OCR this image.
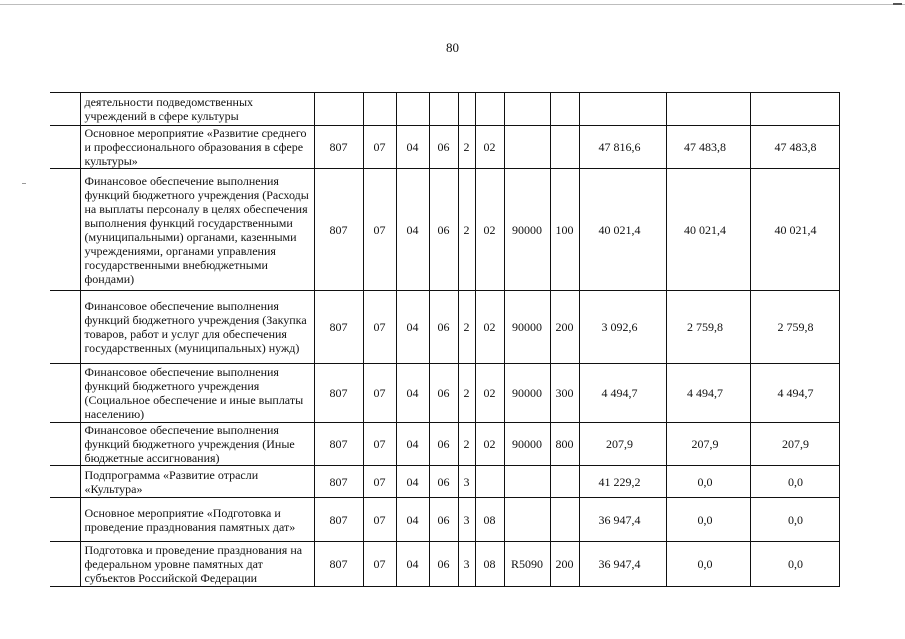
80
	деятельности подведомственных учреждений в сфере культуры											
	Основное мероприятие «Развитие среднего и профессионального образования в сфере культуры»	807	07	04	06	2	02			47 816,6	47 483,8	47 483,8
	Финансовое обеспечение выполнения функций бюджетного учреждения (Расходы на выплаты персоналу в целях обеспечения выполнения функций государственными (муниципальными) органами, казенными учреждениями, органами управления государственными внебюджетными фондами)	807	07	04	06	2	02	90000	100	40 021,4	40 021,4	40 021,4
	Финансовое обеспечение выполнения функций бюджетного учреждения (Закупка товаров, работ и услуг для обеспечения государственных (муниципальных) нужд)	807	07	04	06	2	02	90000	200	3 092,6	2 759,8	2 759,8
	Финансовое обеспечение выполнения функций бюджетного учреждения (Социальное обеспечение и иные выплаты населению)	807	07	04	06	2	02	90000	300	4 494,7	4 494,7	4 494,7
	Финансовое обеспечение выполнения функций бюджетного учреждения (Иные бюджетные ассигнования)	807	07	04	06	2	02	90000	800	207,9	207,9	207,9
	Подпрограмма «Развитие отрасли «Культура»	807	07	04	06	3				41 229,2	0,0	0,0
	Основное мероприятие «Подготовка и проведение празднования памятных дат»	807	07	04	06	3	08			36 947,4	0,0	0,0
	Подготовка и проведение празднования на федеральном уровне памятных дат субъектов Российской Федерации	807	07	04	06	3	08	R5090	200	36 947,4	0,0	0,0
